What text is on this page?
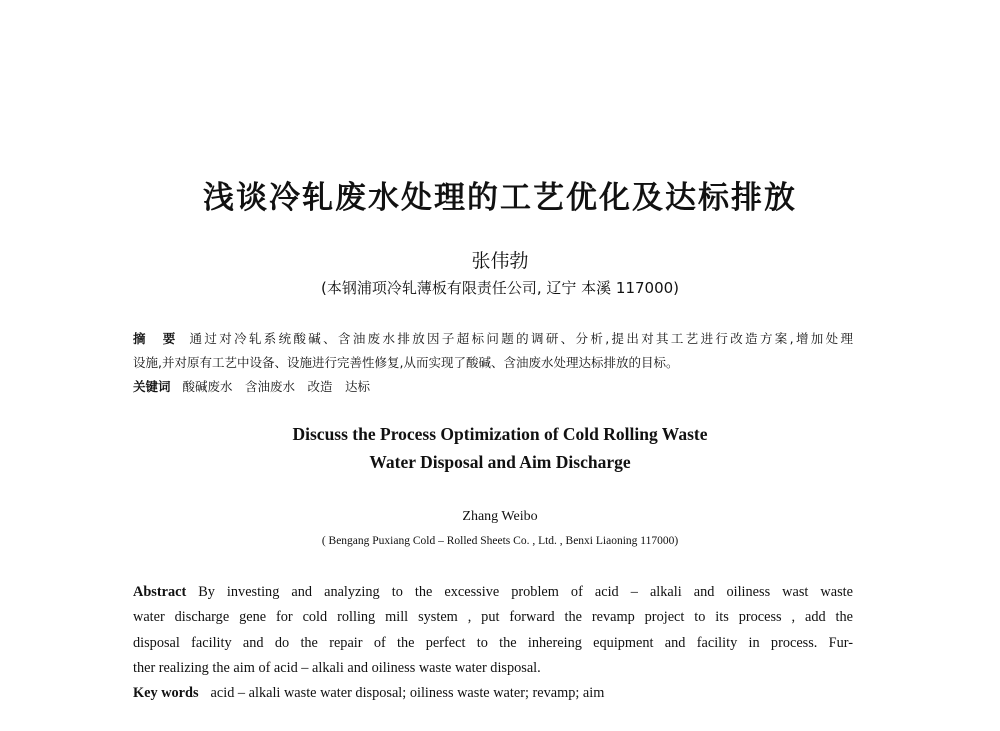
浅谈冷轧废水处理的工艺优化及达标排放
张伟勃
(本钢浦项冷轧薄板有限责任公司, 辽宁 本溪 117000)
摘　要 通过对冷轧系统酸碱、含油废水排放因子超标问题的调研、分析,提出对其工艺进行改造方案,增加处理
设施,并对原有工艺中设备、设施进行完善性修复,从而实现了酸碱、含油废水处理达标排放的目标。
关键词 酸碱废水　含油废水　改造　达标
Discuss the Process Optimization of Cold Rolling Waste
Water Disposal and Aim Discharge
Zhang Weibo
( Bengang Puxiang Cold – Rolled Sheets Co. , Ltd. , Benxi Liaoning 117000)
Abstract By investing and analyzing to the excessive problem of acid – alkali and oiliness wast waste
water discharge gene for cold rolling mill system , put forward the revamp project to its process , add the
disposal facility and do the repair of the perfect to the inhereing equipment and facility in process. Fur-
ther realizing the aim of acid – alkali and oiliness waste water disposal.
Key words acid – alkali waste water disposal; oiliness waste water; revamp; aim
